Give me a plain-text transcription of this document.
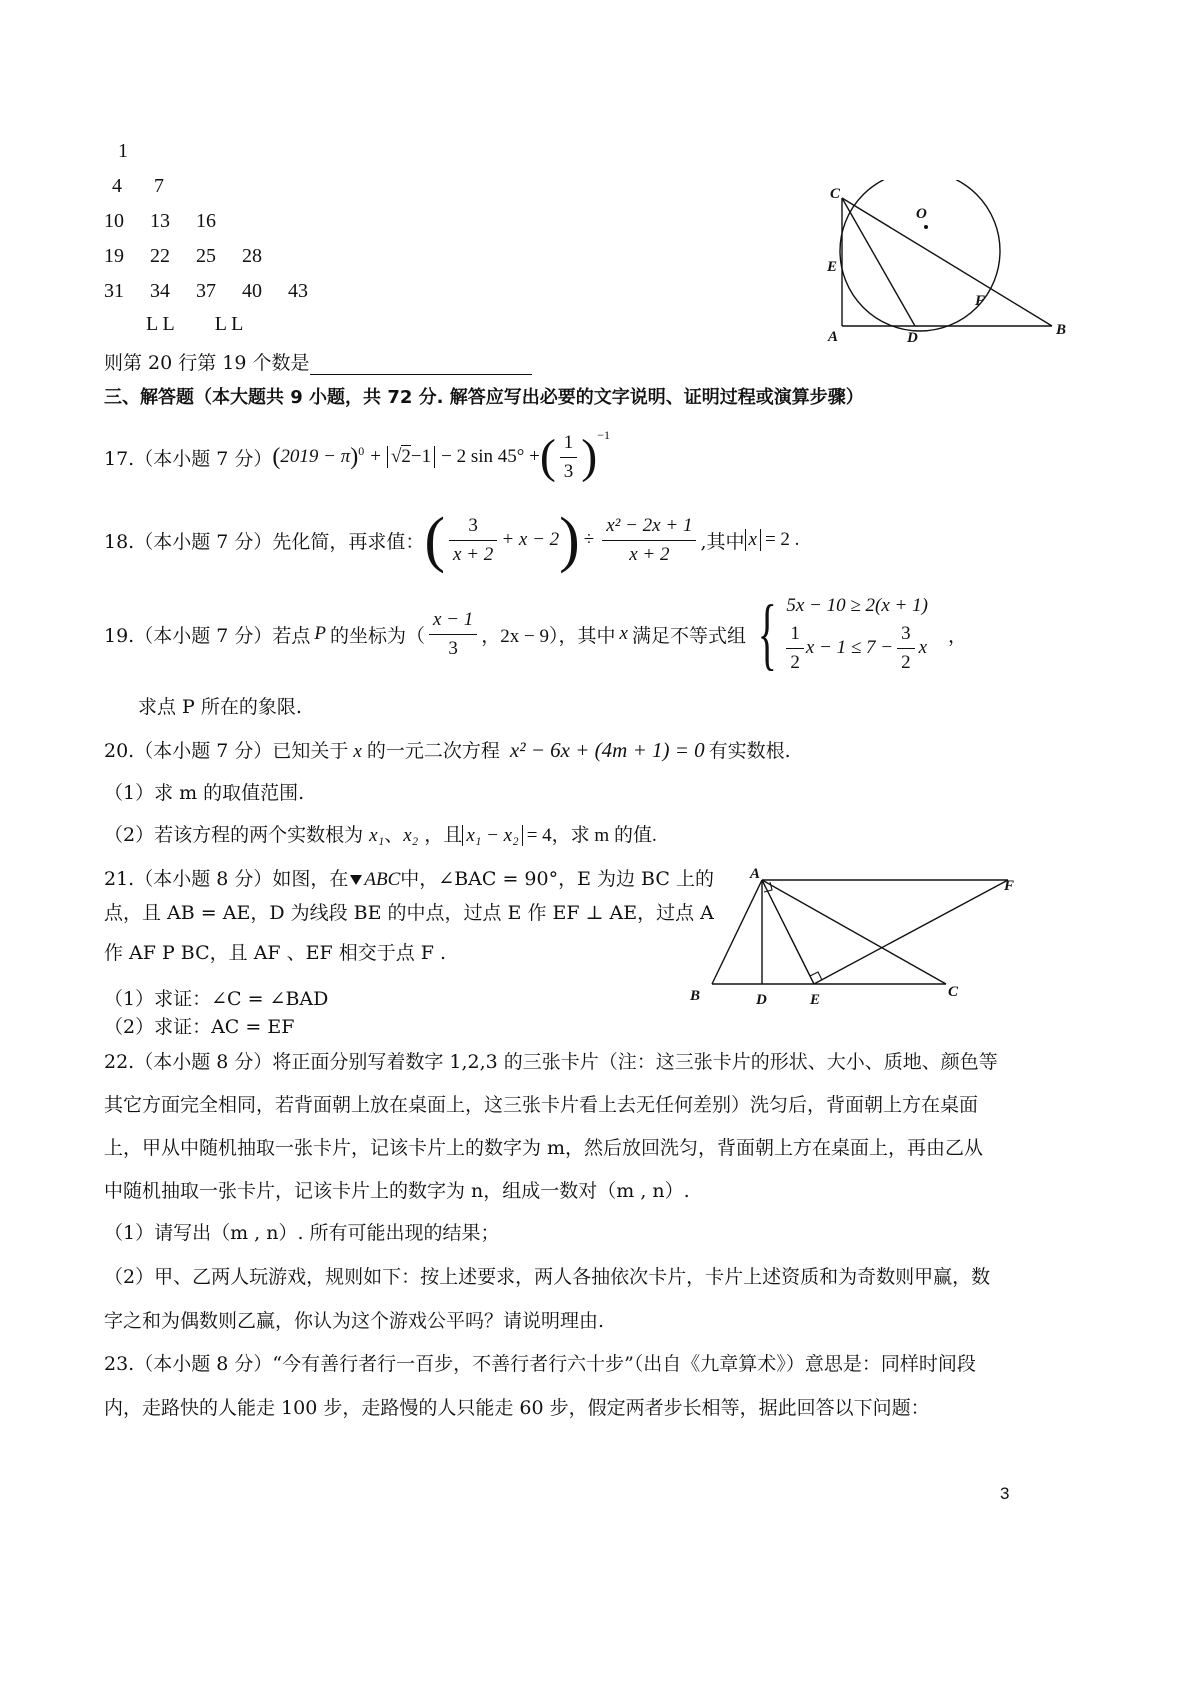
1
4 7
10 13 16
19 22 25 28
31 34 37 40 43
L L L L
则第 20 行第 19 个数是
C
O
E
F
A	D	B
三、解答题（本大题共 9 小题，共 72 分. 解答应写出必要的文字说明、证明过程或演算步骤）
17.（本小题 7 分） ( 2019 − π ) 0 + √2−1 − 2 sin 45° + ( $\frac{1}{3}$ ) −1
18.（本小题 7 分）先化简，再求值： ( $\frac{3}{x + 2} + x - 2$ ) ÷ $\frac{\text{x² − 2x + 1}}{x + 2}$ ,其中 x = 2 .
19.（本小题 7 分）若点 P 的坐标为（ $\frac{x - 1}{3}$ ，2x − 9），其中 x 满足不等式组 { 5x − 10 ≥ 2(x + 1)
$\frac{1}{2}$ $x - 1 \le 7 - \frac{3}{2}$ x
，
求点 P 所在的象限.
20.（本小题 7 分）已知关于 x 的一元二次方程 x² − 6x + (4m + 1) = 0 有实数根.
（1）求 m 的取值范围.
（2）若该方程的两个实数根为 x₁、x₂ ，且 x₁ − x₂ = 4，求 m 的值.
21.（本小题 8 分）如图，在 ABC中，∠BAC = 90°，E 为边 BC 上的
点，且 AB = AE，D 为线段 BE 的中点，过点 E 作 EF ⊥ AE，过点 A
作 AF P BC，且 AF 、EF 相交于点 F .
（1）求证：∠C = ∠BAD
（2）求证：AC = EF
A
F
B	D	E	C
22.（本小题 8 分）将正面分别写着数字 1,2,3 的三张卡片（注：这三张卡片的形状、大小、质地、颜色等
其它方面完全相同，若背面朝上放在桌面上，这三张卡片看上去无任何差别）洗匀后，背面朝上方在桌面
上，甲从中随机抽取一张卡片，记该卡片上的数字为 m，然后放回洗匀，背面朝上方在桌面上，再由乙从
中随机抽取一张卡片，记该卡片上的数字为 n，组成一数对（m , n）.
（1）请写出（m , n）. 所有可能出现的结果；
（2）甲、乙两人玩游戏，规则如下：按上述要求，两人各抽依次卡片，卡片上述资质和为奇数则甲赢，数
字之和为偶数则乙赢，你认为这个游戏公平吗？请说明理由.
23.（本小题 8 分）“今有善行者行一百步，不善行者行六十步”（出自《九章算术》）意思是：同样时间段
内，走路快的人能走 100 步，走路慢的人只能走 60 步，假定两者步长相等，据此回答以下问题：
3
